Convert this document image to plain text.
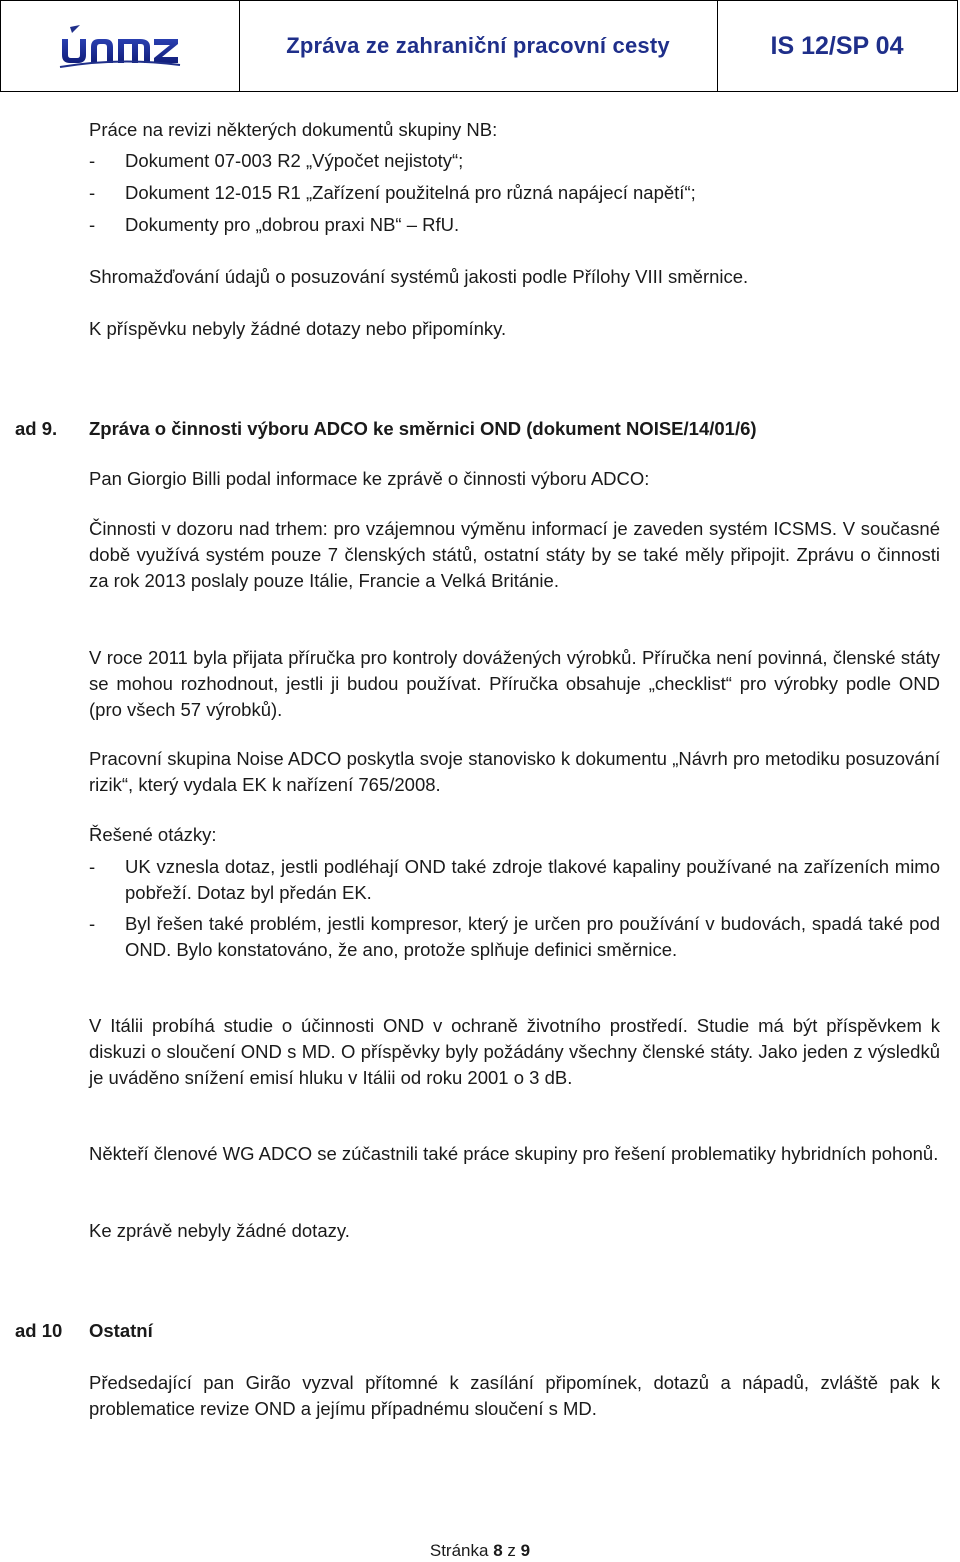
Zpráva ze zahraniční pracovní cesty	IS 12/SP 04

Práce na revizi některých dokumentů skupiny NB:

-	Dokument 07-003 R2 „Výpočet nejistoty“;
-	Dokument 12-015 R1 „Zařízení použitelná pro různá napájecí napětí“;
-	Dokumenty pro „dobrou praxi NB“ – RfU.

Shromažďování údajů o posuzování systémů jakosti podle Přílohy VIII směrnice.

K příspěvku nebyly žádné dotazy nebo připomínky.

ad 9. Zpráva o činnosti výboru ADCO ke směrnici OND (dokument NOISE/14/01/6)

Pan Giorgio Billi podal informace ke zprávě o činnosti výboru ADCO:

Činnosti v dozoru nad trhem: pro vzájemnou výměnu informací je zaveden systém ICSMS. V současné době využívá systém pouze 7 členských států, ostatní státy by se také měly připojit. Zprávu o činnosti za rok 2013 poslaly pouze Itálie, Francie a Velká Británie.

V roce 2011 byla přijata příručka pro kontroly dovážených výrobků. Příručka není povinná, členské státy se mohou rozhodnout, jestli ji budou používat. Příručka obsahuje „checklist“ pro výrobky podle OND (pro všech 57 výrobků).

Pracovní skupina Noise ADCO poskytla svoje stanovisko k dokumentu „Návrh pro metodiku posuzování rizik“, který vydala EK k nařízení 765/2008.

Řešené otázky:

-	UK vznesla dotaz, jestli podléhají OND také zdroje tlakové kapaliny používané na zařízeních mimo pobřeží. Dotaz byl předán EK.
-	Byl řešen také problém, jestli kompresor, který je určen pro používání v budovách, spadá také pod OND. Bylo konstatováno, že ano, protože splňuje definici směrnice.

V Itálii probíhá studie o účinnosti OND v ochraně životního prostředí. Studie má být příspěvkem k diskuzi o sloučení OND s MD. O příspěvky byly požádány všechny členské státy. Jako jeden z výsledků je uváděno snížení emisí hluku v Itálii od roku 2001 o 3 dB.

Někteří členové WG ADCO se zúčastnili také práce skupiny pro řešení problematiky hybridních pohonů.

Ke zprávě nebyly žádné dotazy.

ad 10 Ostatní

Předsedající pan Girão vyzval přítomné k zasílání připomínek, dotazů a nápadů, zvláště pak k problematice revize OND a jejímu případnému sloučení s MD.

Stránka 8 z 9
